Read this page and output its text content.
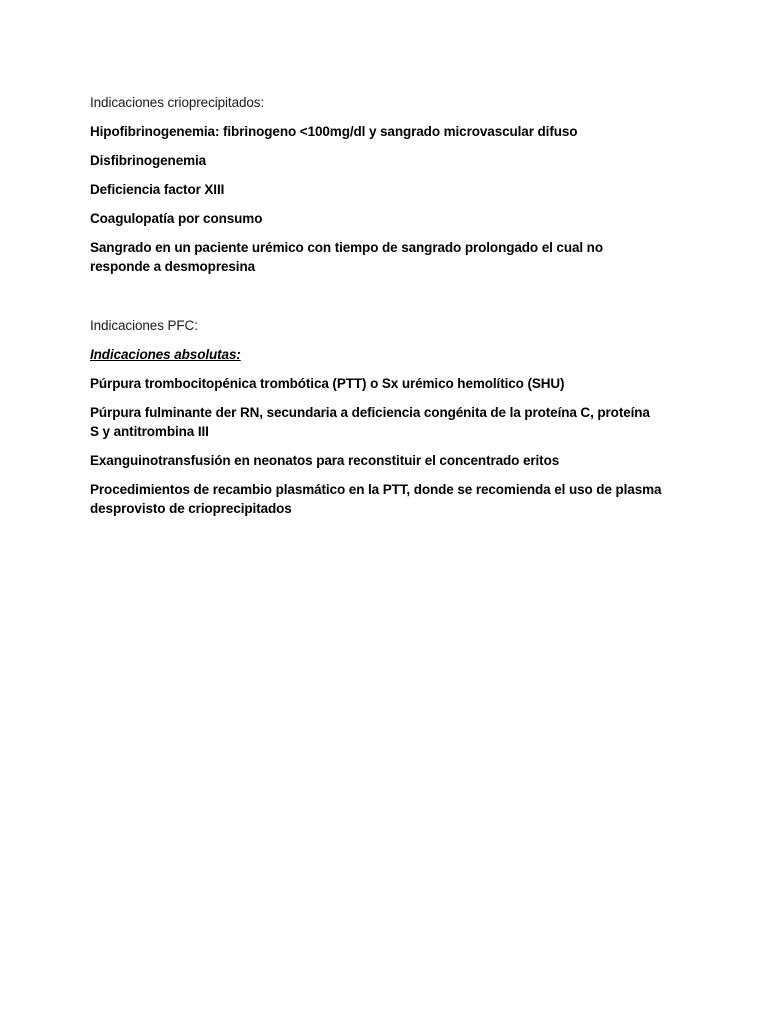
Indicaciones crioprecipitados:
Hipofibrinogenemia: fibrinogeno <100mg/dl y sangrado microvascular difuso
Disfibrinogenemia
Deficiencia factor XIII
Coagulopatía por consumo
Sangrado en un paciente urémico con tiempo de sangrado prolongado el cual no responde a desmopresina
Indicaciones PFC:
Indicaciones absolutas:
Púrpura trombocitopénica trombótica (PTT) o Sx urémico hemolítico (SHU)
Púrpura fulminante der RN, secundaria a deficiencia congénita de la proteína C, proteína S y antitrombina III
Exanguinotransfusión en neonatos para reconstituir el concentrado eritos
Procedimientos de recambio plasmático en la PTT, donde se recomienda el uso de plasma desprovisto de crioprecipitados
